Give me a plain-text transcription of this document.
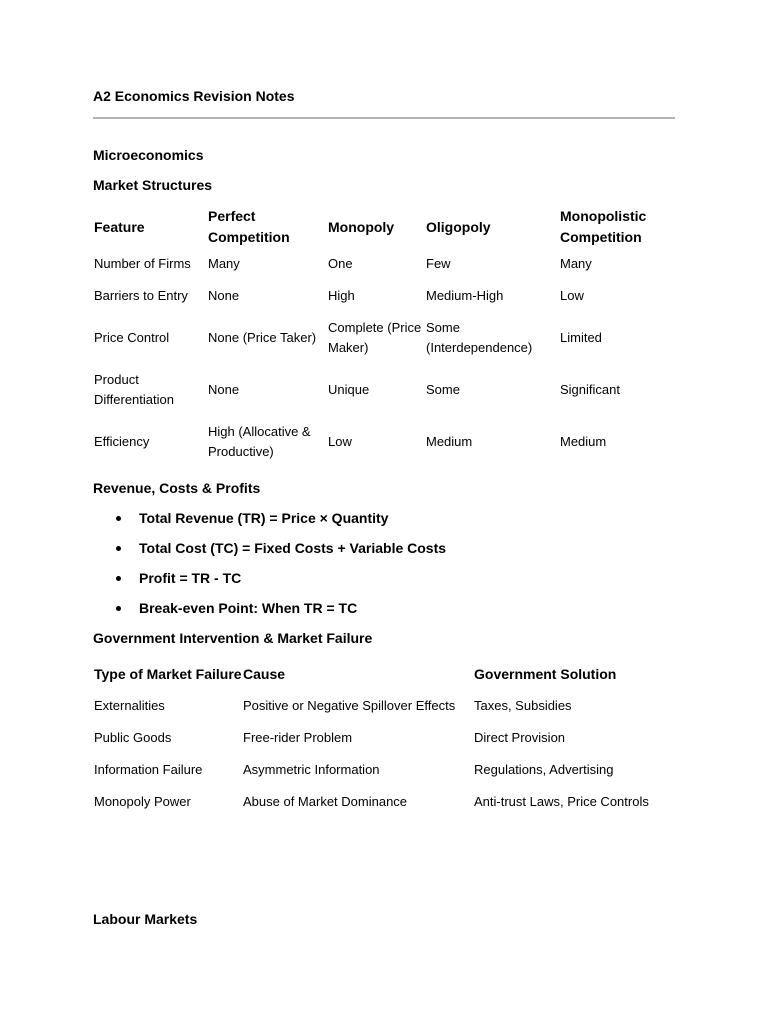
A2 Economics Revision Notes
Microeconomics
Market Structures
Feature	Perfect Competition	Monopoly	Oligopoly	Monopolistic Competition
Number of Firms	Many	One	Few	Many
Barriers to Entry	None	High	Medium-High	Low
Price Control	None (Price Taker)	Complete (Price Maker)	Some (Interdependence)	Limited
Product Differentiation	None	Unique	Some	Significant
Efficiency	High (Allocative & Productive)	Low	Medium	Medium
Revenue, Costs & Profits
Total Revenue (TR) = Price × Quantity
Total Cost (TC) = Fixed Costs + Variable Costs
Profit = TR - TC
Break-even Point: When TR = TC
Government Intervention & Market Failure
Type of Market Failure	Cause	Government Solution
Externalities	Positive or Negative Spillover Effects	Taxes, Subsidies
Public Goods	Free-rider Problem	Direct Provision
Information Failure	Asymmetric Information	Regulations, Advertising
Monopoly Power	Abuse of Market Dominance	Anti-trust Laws, Price Controls
Labour Markets
